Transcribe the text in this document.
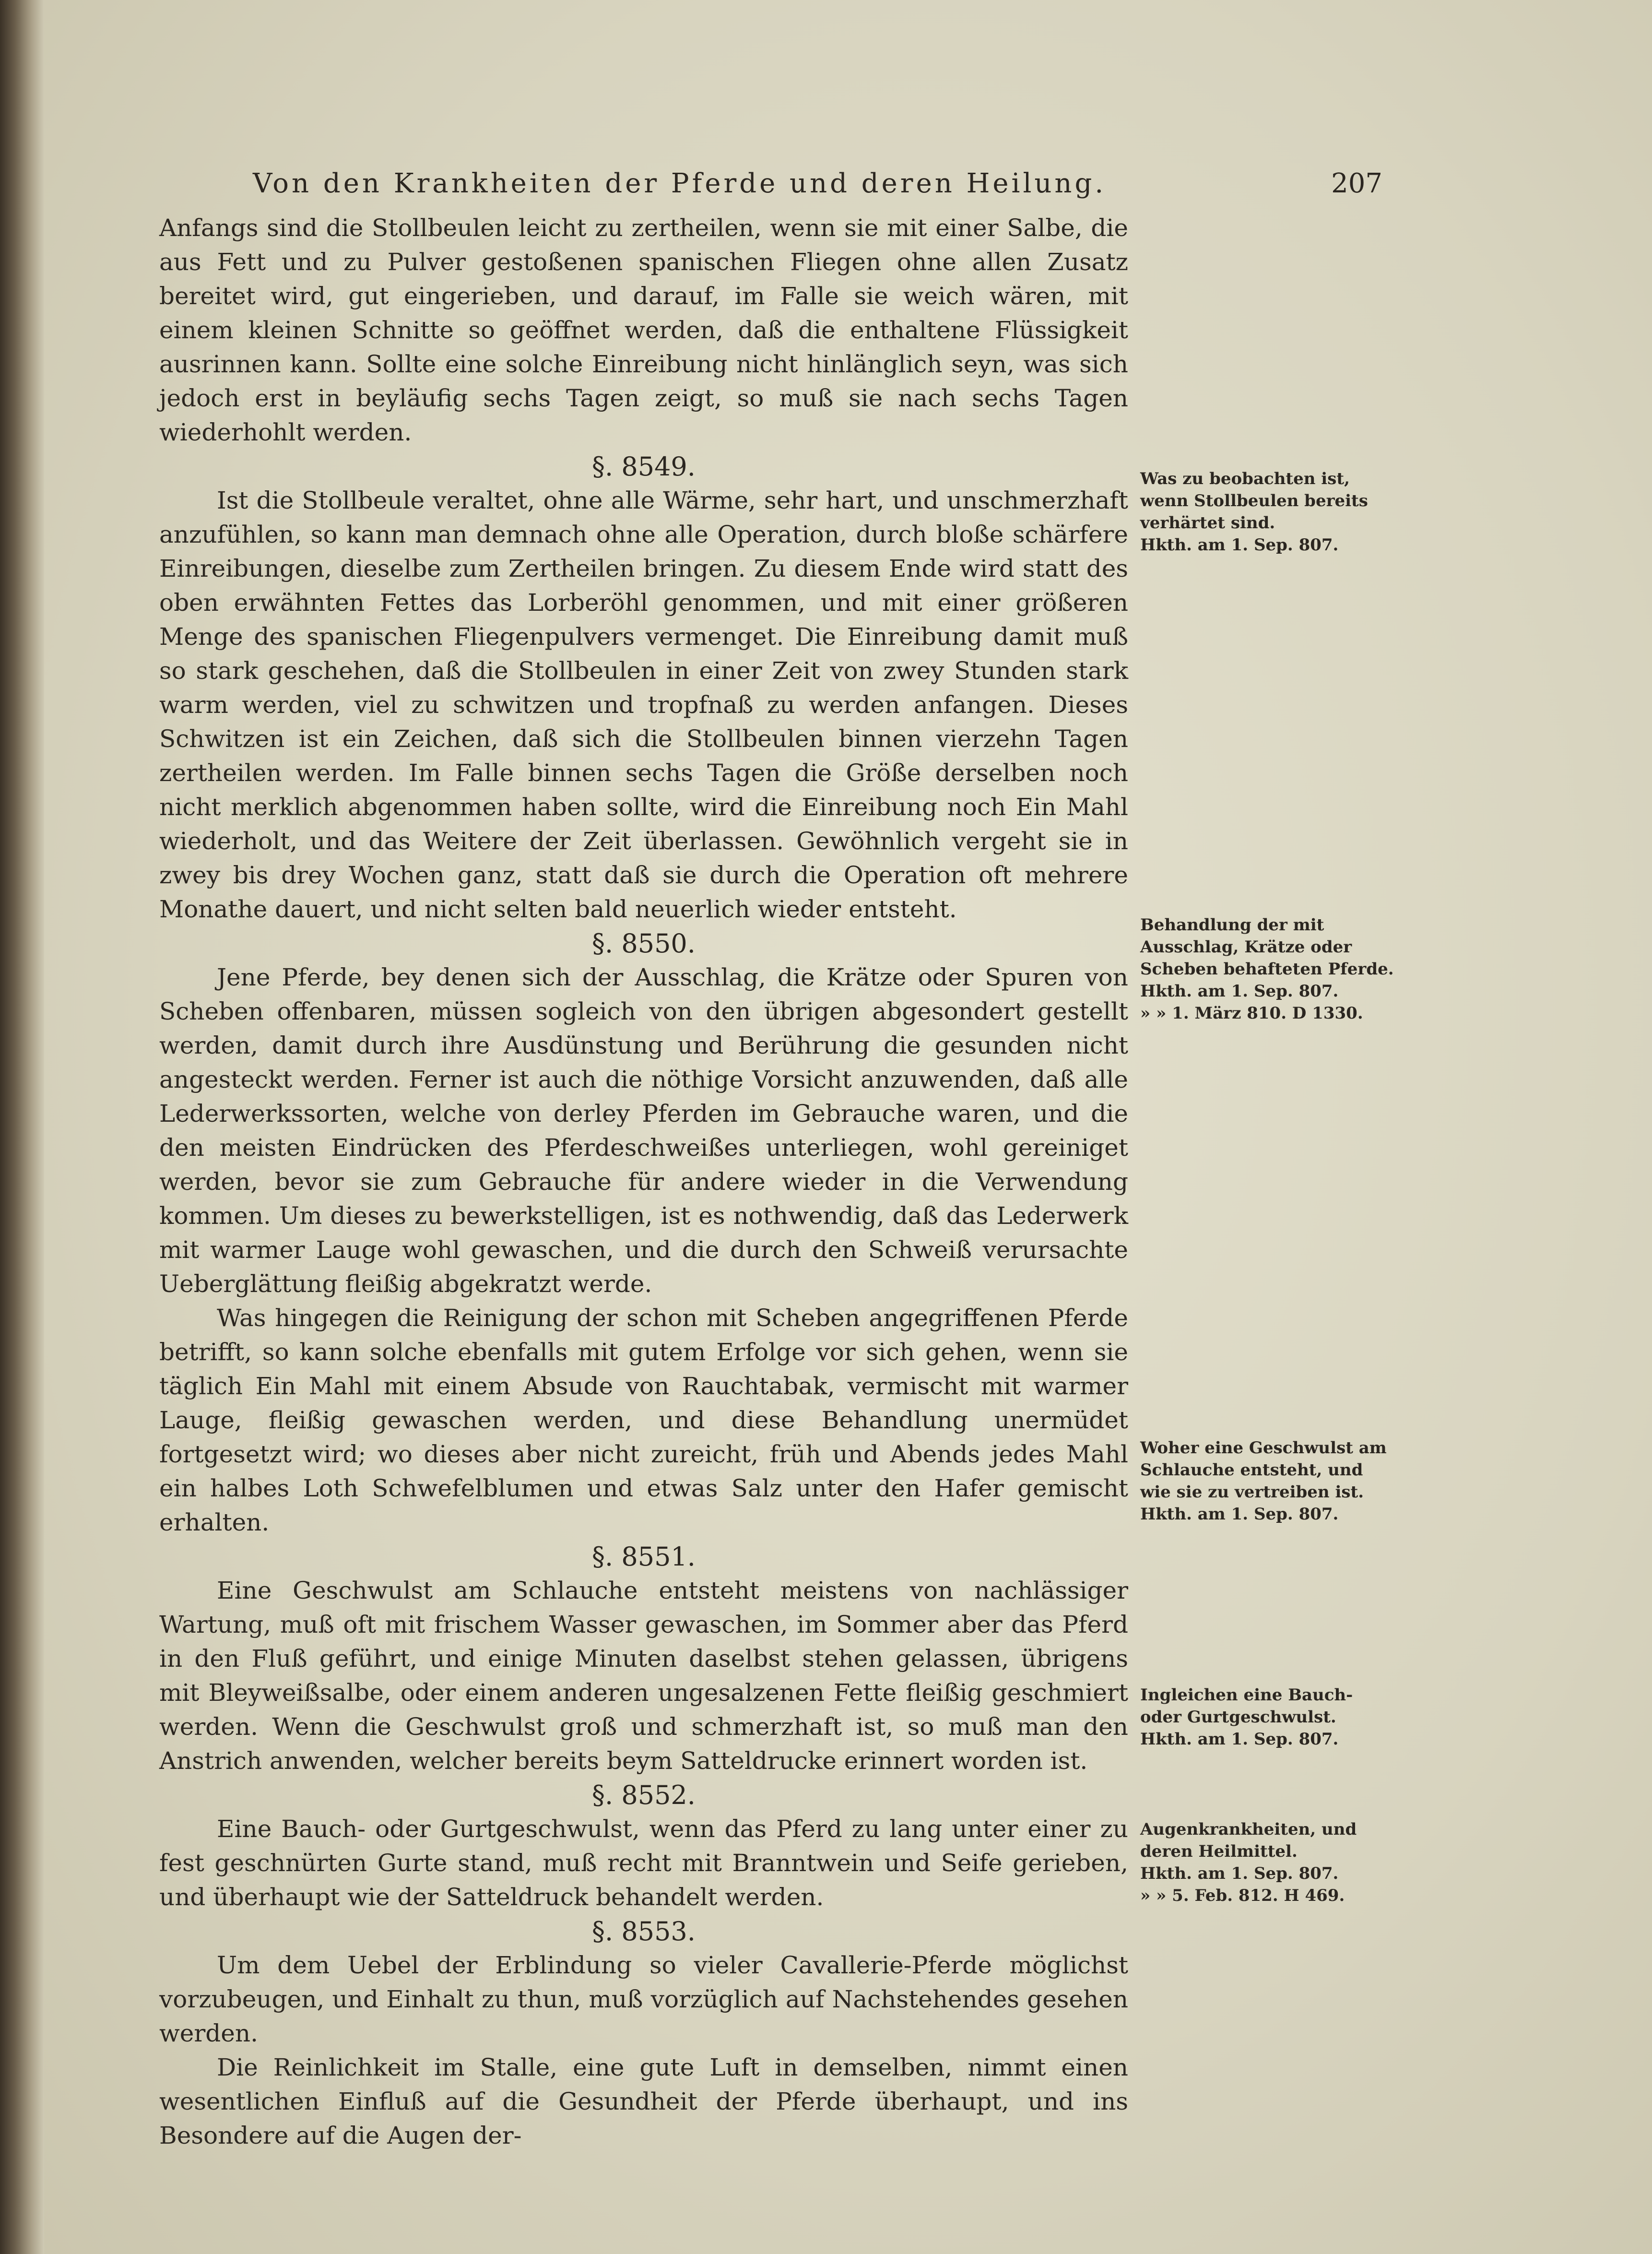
Von den Krankheiten der Pferde und deren Heilung.	207

Anfangs sind die Stollbeulen leicht zu zertheilen, wenn sie mit einer Salbe, die aus Fett und zu Pulver gestoßenen spanischen Fliegen ohne allen Zusatz bereitet wird, gut eingerieben, und darauf, im Falle sie weich wären, mit einem kleinen Schnitte so geöffnet werden, daß die enthaltene Flüssigkeit ausrinnen kann. Sollte eine solche Einreibung nicht hinlänglich seyn, was sich jedoch erst in beyläufig sechs Tagen zeigt, so muß sie nach sechs Tagen wiederhohlt werden.

§. 8549.

Ist die Stollbeule veraltet, ohne alle Wärme, sehr hart, und unschmerzhaft anzufühlen, so kann man demnach ohne alle Operation, durch bloße schärfere Einreibungen, dieselbe zum Zertheilen bringen. Zu diesem Ende wird statt des oben erwähnten Fettes das Lorberöhl genommen, und mit einer größeren Menge des spanischen Fliegenpulvers vermenget. Die Einreibung damit muß so stark geschehen, daß die Stollbeulen in einer Zeit von zwey Stunden stark warm werden, viel zu schwitzen und tropfnaß zu werden anfangen. Dieses Schwitzen ist ein Zeichen, daß sich die Stollbeulen binnen vierzehn Tagen zertheilen werden. Im Falle binnen sechs Tagen die Größe derselben noch nicht merklich abgenommen haben sollte, wird die Einreibung noch Ein Mahl wiederholt, und das Weitere der Zeit überlassen. Gewöhnlich vergeht sie in zwey bis drey Wochen ganz, statt daß sie durch die Operation oft mehrere Monathe dauert, und nicht selten bald neuerlich wieder entsteht.

§. 8550.

Jene Pferde, bey denen sich der Ausschlag, die Krätze oder Spuren von Scheben offenbaren, müssen sogleich von den übrigen abgesondert gestellt werden, damit durch ihre Ausdünstung und Berührung die gesunden nicht angesteckt werden. Ferner ist auch die nöthige Vorsicht anzuwenden, daß alle Lederwerkssorten, welche von derley Pferden im Gebrauche waren, und die den meisten Eindrücken des Pferdeschweißes unterliegen, wohl gereiniget werden, bevor sie zum Gebrauche für andere wieder in die Verwendung kommen. Um dieses zu bewerkstelligen, ist es nothwendig, daß das Lederwerk mit warmer Lauge wohl gewaschen, und die durch den Schweiß verursachte Ueberglättung fleißig abgekratzt werde.

Was hingegen die Reinigung der schon mit Scheben angegriffenen Pferde betrifft, so kann solche ebenfalls mit gutem Erfolge vor sich gehen, wenn sie täglich Ein Mahl mit einem Absude von Rauchtabak, vermischt mit warmer Lauge, fleißig gewaschen werden, und diese Behandlung unermüdet fortgesetzt wird; wo dieses aber nicht zureicht, früh und Abends jedes Mahl ein halbes Loth Schwefelblumen und etwas Salz unter den Hafer gemischt erhalten.

§. 8551.

Eine Geschwulst am Schlauche entsteht meistens von nachlässiger Wartung, muß oft mit frischem Wasser gewaschen, im Sommer aber das Pferd in den Fluß geführt, und einige Minuten daselbst stehen gelassen, übrigens mit Bleyweißsalbe, oder einem anderen ungesalzenen Fette fleißig geschmiert werden. Wenn die Geschwulst groß und schmerzhaft ist, so muß man den Anstrich anwenden, welcher bereits beym Satteldrucke erinnert worden ist.

§. 8552.

Eine Bauch- oder Gurtgeschwulst, wenn das Pferd zu lang unter einer zu fest geschnürten Gurte stand, muß recht mit Branntwein und Seife gerieben, und überhaupt wie der Satteldruck behandelt werden.

§. 8553.

Um dem Uebel der Erblindung so vieler Cavallerie-Pferde möglichst vorzubeugen, und Einhalt zu thun, muß vorzüglich auf Nachstehendes gesehen werden.

Die Reinlichkeit im Stalle, eine gute Luft in demselben, nimmt einen wesentlichen Einfluß auf die Gesundheit der Pferde überhaupt, und ins Besondere auf die Augen der-

Was zu beobachten ist, wenn Stollbeulen bereits verhärtet sind.
Hkth. am 1. Sep. 807.
Behandlung der mit Ausschlag, Krätze oder Scheben behafteten Pferde.
Hkth. am 1. Sep. 807.
» » 1. März 810. D 1330.
Woher eine Geschwulst am Schlauche entsteht, und wie sie zu vertreiben ist.
Hkth. am 1. Sep. 807.
Ingleichen eine Bauch- oder Gurtgeschwulst.
Hkth. am 1. Sep. 807.
Augenkrankheiten, und deren Heilmittel.
Hkth. am 1. Sep. 807.
» » 5. Feb. 812. H 469.
